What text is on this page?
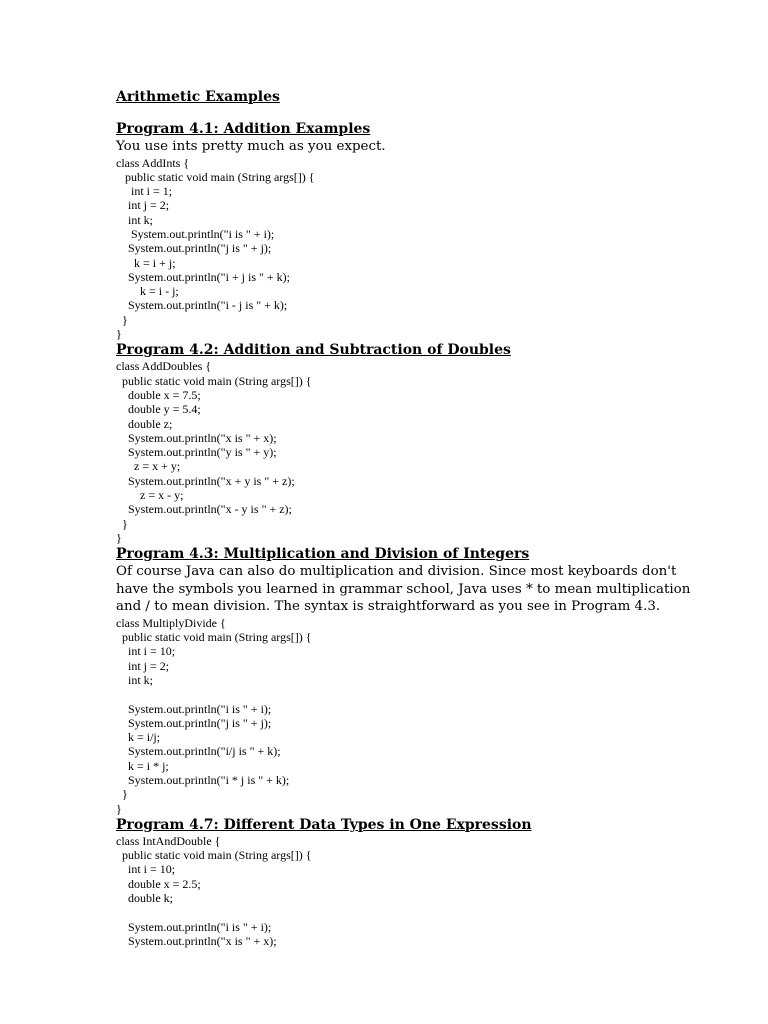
Arithmetic Examples
Program 4.1: Addition Examples
You use ints pretty much as you expect.
class AddInts {
public static void main (String args[]) {
int i = 1;
int j = 2;
int k;
System.out.println("i is " + i);
System.out.println("j is " + j);
k = i + j;
System.out.println("i + j is " + k);
k = i - j;
System.out.println("i - j is " + k);
}
}
Program 4.2: Addition and Subtraction of Doubles
class AddDoubles {
public static void main (String args[]) {
double x = 7.5;
double y = 5.4;
double z;
System.out.println("x is " + x);
System.out.println("y is " + y);
z = x + y;
System.out.println("x + y is " + z);
z = x - y;
System.out.println("x - y is " + z);
}
}
Program 4.3: Multiplication and Division of Integers
Of course Java can also do multiplication and division. Since most keyboards don't
have the symbols you learned in grammar school, Java uses * to mean multiplication
and / to mean division. The syntax is straightforward as you see in Program 4.3.
class MultiplyDivide {
public static void main (String args[]) {
int i = 10;
int j = 2;
int k;
System.out.println("i is " + i);
System.out.println("j is " + j);
k = i/j;
System.out.println("i/j is " + k);
k = i * j;
System.out.println("i * j is " + k);
}
}
Program 4.7: Different Data Types in One Expression
class IntAndDouble {
public static void main (String args[]) {
int i = 10;
double x = 2.5;
double k;
System.out.println("i is " + i);
System.out.println("x is " + x);
